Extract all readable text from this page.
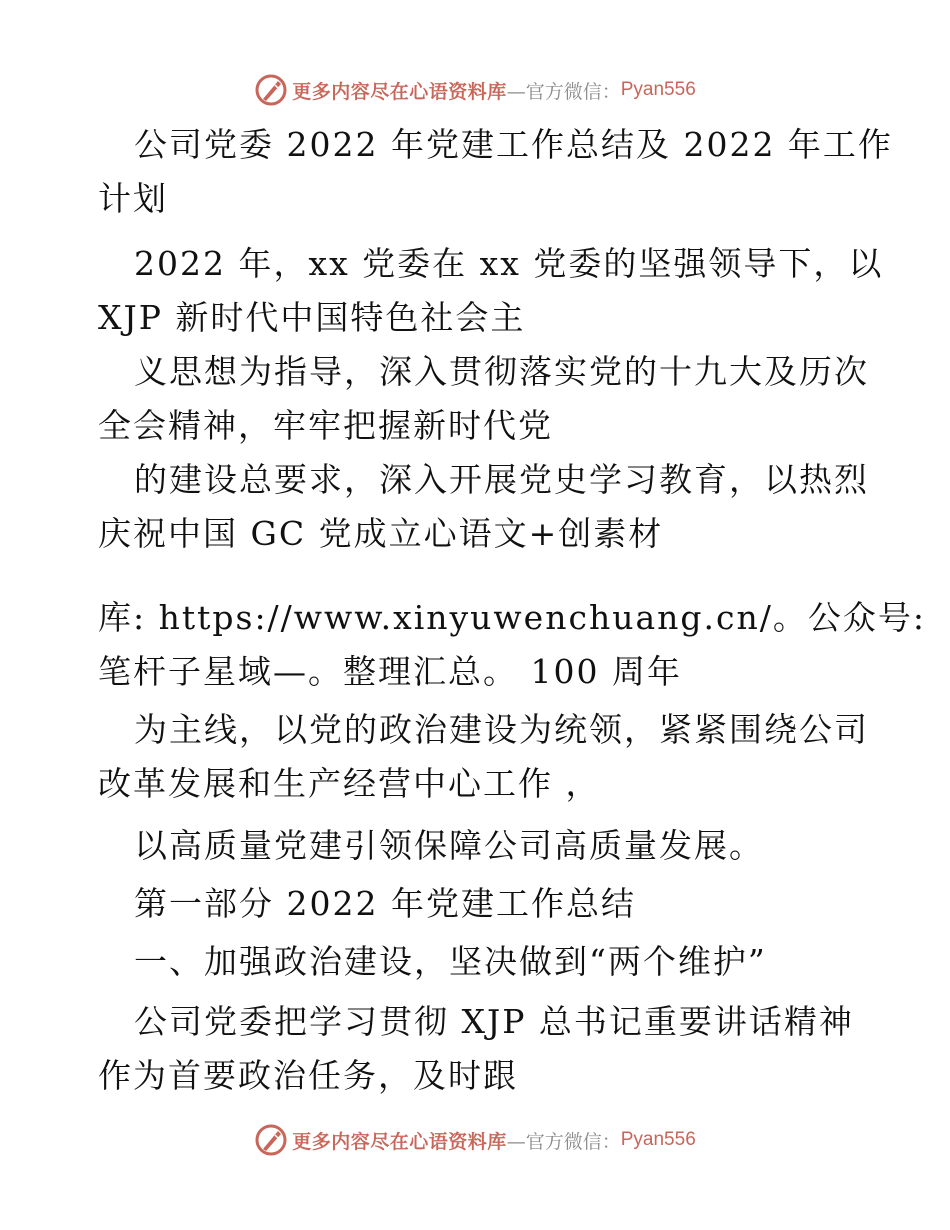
更多内容尽在心语资料库 —官方微信： Pyan556
公司党委 2022 年党建工作总结及 2022 年工作
计划
2022 年，xx 党委在 xx 党委的坚强领导下，以
XJP 新时代中国特色社会主
义思想为指导，深入贯彻落实党的十九大及历次
全会精神，牢牢把握新时代党
的建设总要求，深入开展党史学习教育，以热烈
庆祝中国 GC 党成立心语文+创素材
库: https://www.xinyuwenchuang.cn/。公众号:
笔杆子星域—。整理汇总。 100 周年
为主线，以党的政治建设为统领，紧紧围绕公司
改革发展和生产经营中心工作 ，
以高质量党建引领保障公司高质量发展。
第一部分 2022 年党建工作总结
一、加强政治建设，坚决做到“两个维护”
公司党委把学习贯彻 XJP 总书记重要讲话精神
作为首要政治任务，及时跟
更多内容尽在心语资料库 —官方微信： Pyan556
